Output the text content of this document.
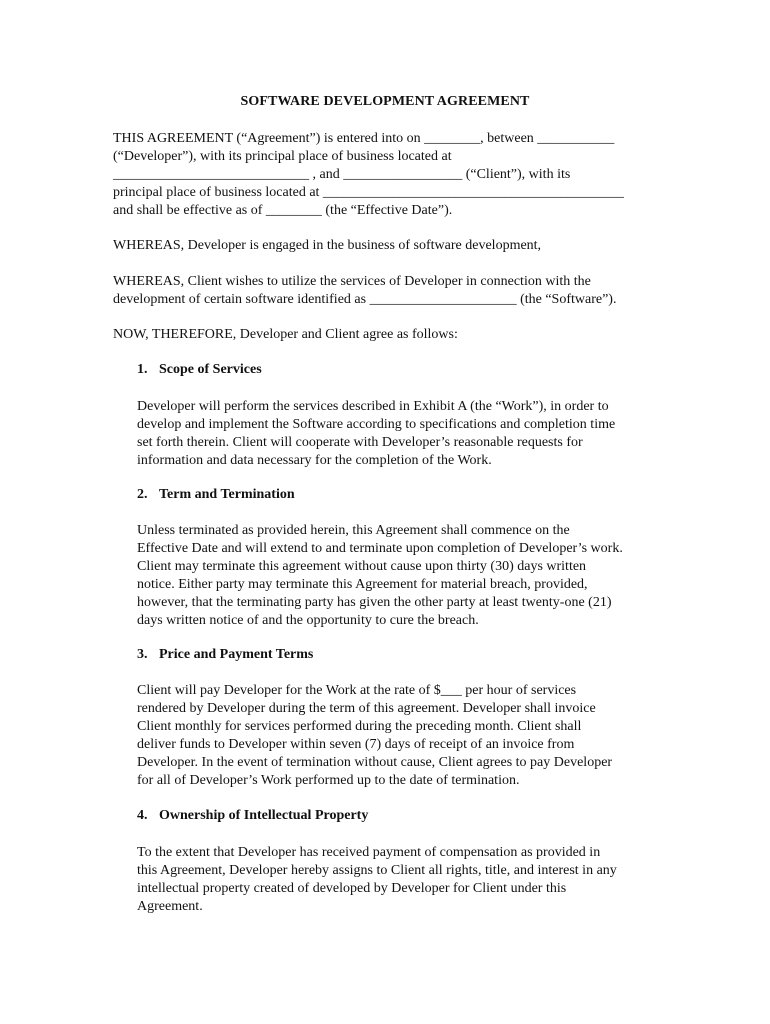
SOFTWARE DEVELOPMENT AGREEMENT
THIS AGREEMENT (“Agreement”) is entered into on ________, between ___________
(“Developer”), with its principal place of business located at
____________________________ , and _________________ (“Client”), with its
principal place of business located at ___________________________________________
and shall be effective as of ________ (the “Effective Date”).
WHEREAS, Developer is engaged in the business of software development,
WHEREAS, Client wishes to utilize the services of Developer in connection with the
development of certain software identified as _____________________ (the “Software”).
NOW, THEREFORE, Developer and Client agree as follows:
1. Scope of Services
Developer will perform the services described in Exhibit A (the “Work”), in order to
develop and implement the Software according to specifications and completion time
set forth therein. Client will cooperate with Developer’s reasonable requests for
information and data necessary for the completion of the Work.
2. Term and Termination
Unless terminated as provided herein, this Agreement shall commence on the
Effective Date and will extend to and terminate upon completion of Developer’s work.
Client may terminate this agreement without cause upon thirty (30) days written
notice. Either party may terminate this Agreement for material breach, provided,
however, that the terminating party has given the other party at least twenty-one (21)
days written notice of and the opportunity to cure the breach.
3. Price and Payment Terms
Client will pay Developer for the Work at the rate of $___ per hour of services
rendered by Developer during the term of this agreement. Developer shall invoice
Client monthly for services performed during the preceding month. Client shall
deliver funds to Developer within seven (7) days of receipt of an invoice from
Developer. In the event of termination without cause, Client agrees to pay Developer
for all of Developer’s Work performed up to the date of termination.
4. Ownership of Intellectual Property
To the extent that Developer has received payment of compensation as provided in
this Agreement, Developer hereby assigns to Client all rights, title, and interest in any
intellectual property created of developed by Developer for Client under this
Agreement.
